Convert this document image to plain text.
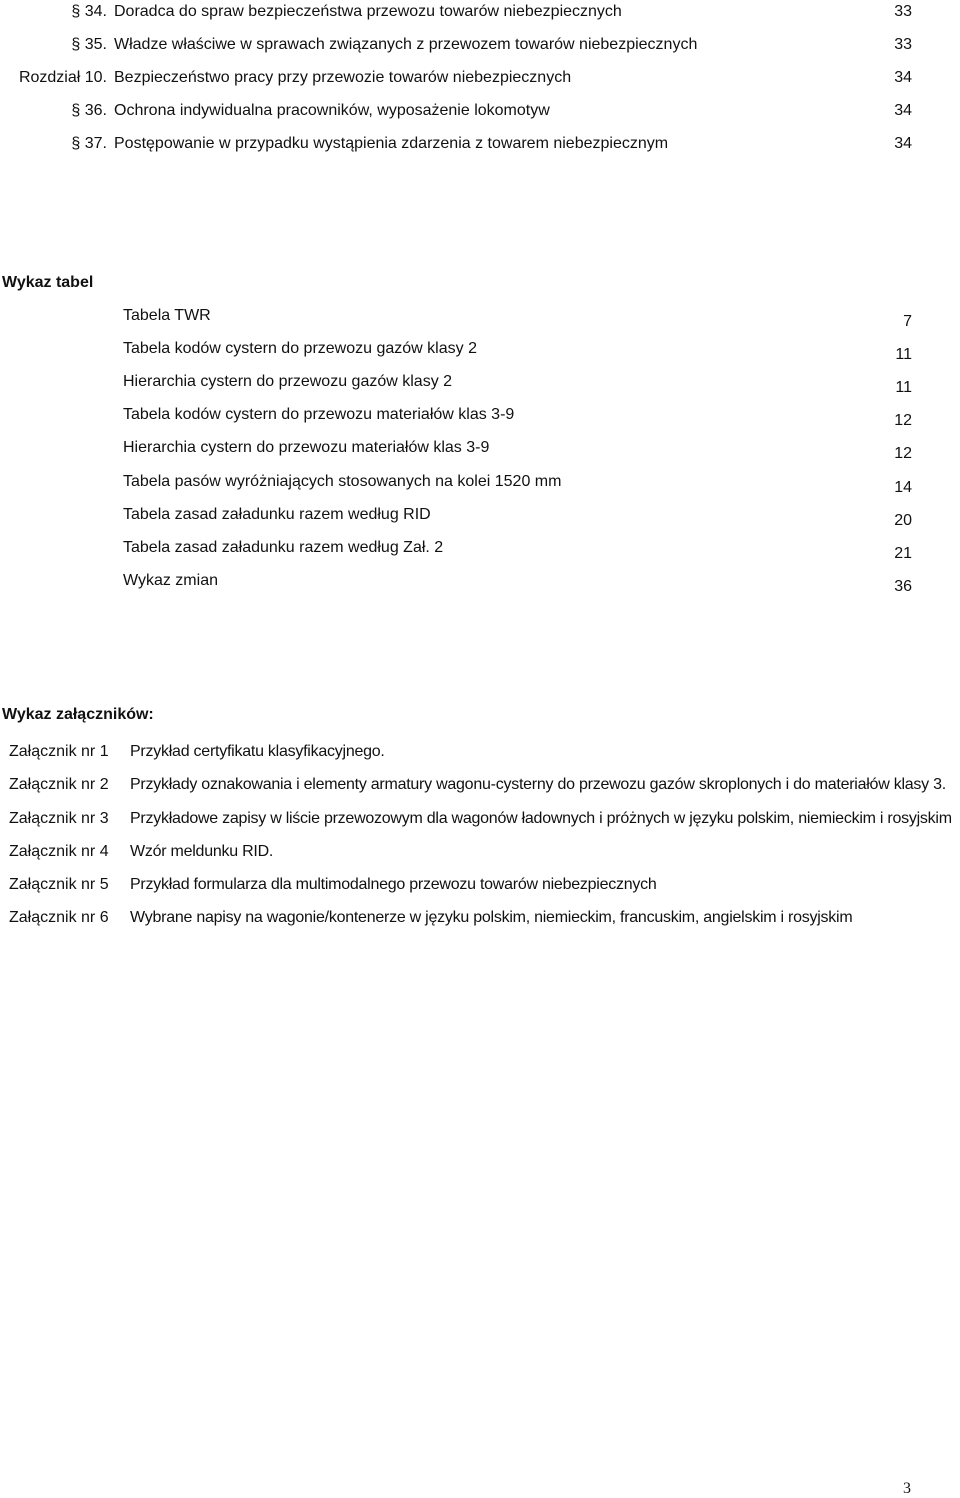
§ 34. Doradca do spraw bezpieczeństwa przewozu towarów niebezpiecznych	33
§ 35. Władze właściwe w sprawach związanych z przewozem towarów niebezpiecznych	33
Rozdział 10. Bezpieczeństwo pracy przy przewozie towarów niebezpiecznych	34
§ 36. Ochrona indywidualna pracowników, wyposażenie lokomotyw	34
§ 37. Postępowanie w przypadku wystąpienia zdarzenia z towarem niebezpiecznym	34
Wykaz tabel
Tabela TWR	7
Tabela kodów cystern do przewozu gazów klasy 2	11
Hierarchia cystern do przewozu gazów klasy 2	11
Tabela kodów cystern do przewozu materiałów klas 3-9	12
Hierarchia cystern do przewozu materiałów klas 3-9	12
Tabela pasów wyróżniających stosowanych na kolei 1520 mm	14
Tabela zasad załadunku razem według RID	20
Tabela zasad załadunku razem według Zał. 2	21
Wykaz zmian	36
Wykaz załączników:
Załącznik nr 1 Przykład certyfikatu klasyfikacyjnego.
Załącznik nr 2 Przykłady oznakowania i elementy armatury wagonu-cysterny do przewozu gazów skroplonych i do materiałów klasy 3.
Załącznik nr 3 Przykładowe zapisy w liście przewozowym dla wagonów ładownych i próżnych w języku polskim, niemieckim i rosyjskim
Załącznik nr 4 Wzór meldunku RID.
Załącznik nr 5 Przykład formularza dla multimodalnego przewozu towarów niebezpiecznych
Załącznik nr 6 Wybrane napisy na wagonie/kontenerze w języku polskim, niemieckim, francuskim, angielskim i rosyjskim
3
